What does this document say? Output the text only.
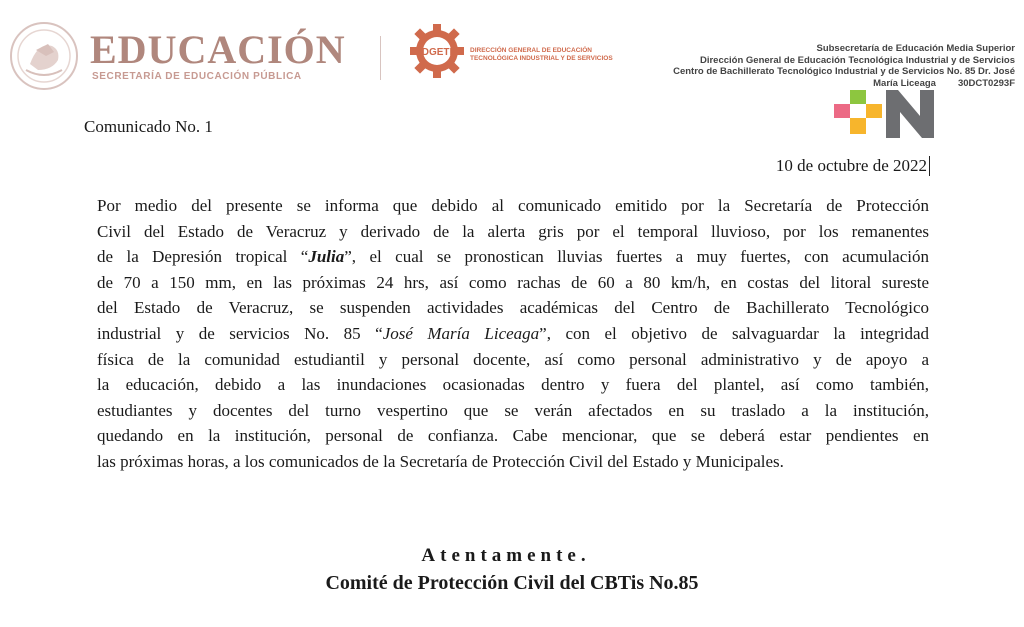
EDUCACIÓN
SECRETARÍA DE EDUCACIÓN PÚBLICA
DGETI	DIRECCIÓN GENERAL DE EDUCACIÓN
TECNOLÓGICA INDUSTRIAL Y DE SERVICIOS
Subsecretaría de Educación Media Superior
Dirección General de Educación Tecnológica Industrial y de Servicios
Centro de Bachillerato Tecnológico Industrial y de Servicios No. 85 Dr. José
María Liceaga 30DCT0293F
Comunicado No. 1
10 de octubre de 2022
Por medio del presente se informa que debido al comunicado emitido por la Secretaría de Protección
Civil del Estado de Veracruz y derivado de la alerta gris por el temporal lluvioso, por los remanentes
de la Depresión tropical “Julia”, el cual se pronostican lluvias fuertes a muy fuertes, con acumulación
de 70 a 150 mm, en las próximas 24 hrs, así como rachas de 60 a 80 km/h, en costas del litoral sureste
del Estado de Veracruz, se suspenden actividades académicas del Centro de Bachillerato Tecnológico
industrial y de servicios No. 85 “José María Liceaga”, con el objetivo de salvaguardar la integridad
física de la comunidad estudiantil y personal docente, así como personal administrativo y de apoyo a
la educación, debido a las inundaciones ocasionadas dentro y fuera del plantel, así como también,
estudiantes y docentes del turno vespertino que se verán afectados en su traslado a la institución,
quedando en la institución, personal de confianza. Cabe mencionar, que se deberá estar pendientes en
las próximas horas, a los comunicados de la Secretaría de Protección Civil del Estado y Municipales.
Atentamente.
Comité de Protección Civil del CBTis No.85
